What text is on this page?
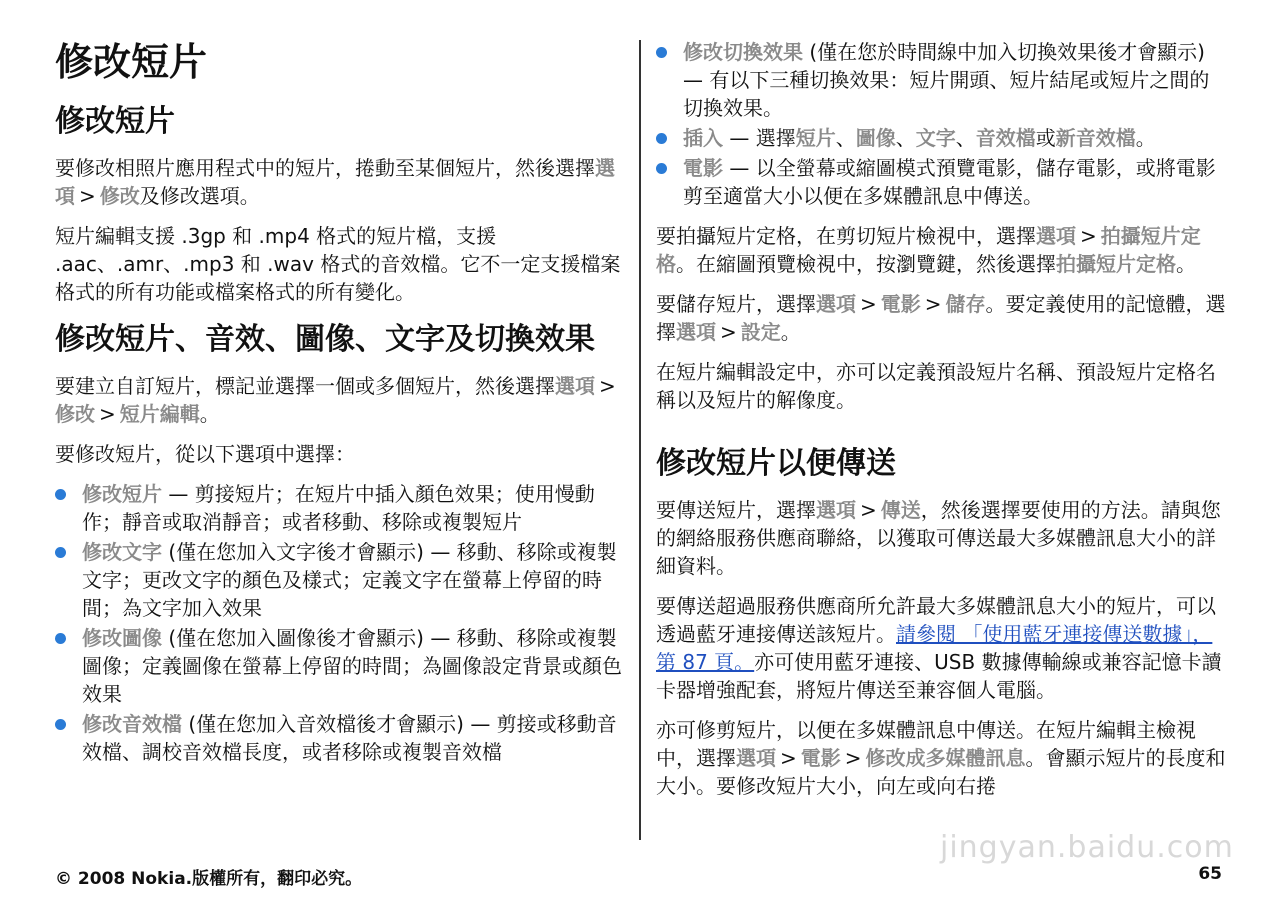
修改短片
修改短片

要修改相照片應用程式中的短片，捲動至某個短片，然後選擇選項 > 修改及修改選項。

短片編輯支援 .3gp 和 .mp4 格式的短片檔，支援 .aac、.amr、.mp3 和 .wav 格式的音效檔。它不一定支援檔案格式的所有功能或檔案格式的所有變化。

修改短片、音效、圖像、文字及切換效果

要建立自訂短片，標記並選擇一個或多個短片，然後選擇選項 >修改 > 短片編輯。

要修改短片，從以下選項中選擇：

修改短片 — 剪接短片；在短片中插入顏色效果；使用慢動作；靜音或取消靜音；或者移動、移除或複製短片
修改文字 (僅在您加入文字後才會顯示) — 移動、移除或複製文字；更改文字的顏色及樣式；定義文字在螢幕上停留的時間；為文字加入效果
修改圖像 (僅在您加入圖像後才會顯示) — 移動、移除或複製圖像；定義圖像在螢幕上停留的時間；為圖像設定背景或顏色效果
修改音效檔 (僅在您加入音效檔後才會顯示) — 剪接或移動音效檔、調校音效檔長度，或者移除或複製音效檔
修改切換效果 (僅在您於時間線中加入切換效果後才會顯示) — 有以下三種切換效果：短片開頭、短片結尾或短片之間的切換效果。
插入 — 選擇短片、圖像、文字、音效檔或新音效檔。
電影 — 以全螢幕或縮圖模式預覽電影，儲存電影，或將電影剪至適當大小以便在多媒體訊息中傳送。

要拍攝短片定格，在剪切短片檢視中，選擇選項 > 拍攝短片定格。在縮圖預覽檢視中，按瀏覽鍵，然後選擇拍攝短片定格。

要儲存短片，選擇選項 > 電影 > 儲存。要定義使用的記憶體，選擇選項 > 設定。

在短片編輯設定中，亦可以定義預設短片名稱、預設短片定格名稱以及短片的解像度。

修改短片以便傳送

要傳送短片，選擇選項 > 傳送，然後選擇要使用的方法。請與您的網絡服務供應商聯絡，以獲取可傳送最大多媒體訊息大小的詳細資料。

要傳送超過服務供應商所允許最大多媒體訊息大小的短片，可以透過藍牙連接傳送該短片。請參閱 「使用藍牙連接傳送數據」，第 87 頁。亦可使用藍牙連接、USB 數據傳輸線或兼容記憶卡讀卡器增強配套，將短片傳送至兼容個人電腦。

亦可修剪短片，以便在多媒體訊息中傳送。在短片編輯主檢視中，選擇選項 > 電影 > 修改成多媒體訊息。會顯示短片的長度和大小。要修改短片大小，向左或向右捲

jingyan.baidu.com
© 2008 Nokia.版權所有，翻印必究。	65
